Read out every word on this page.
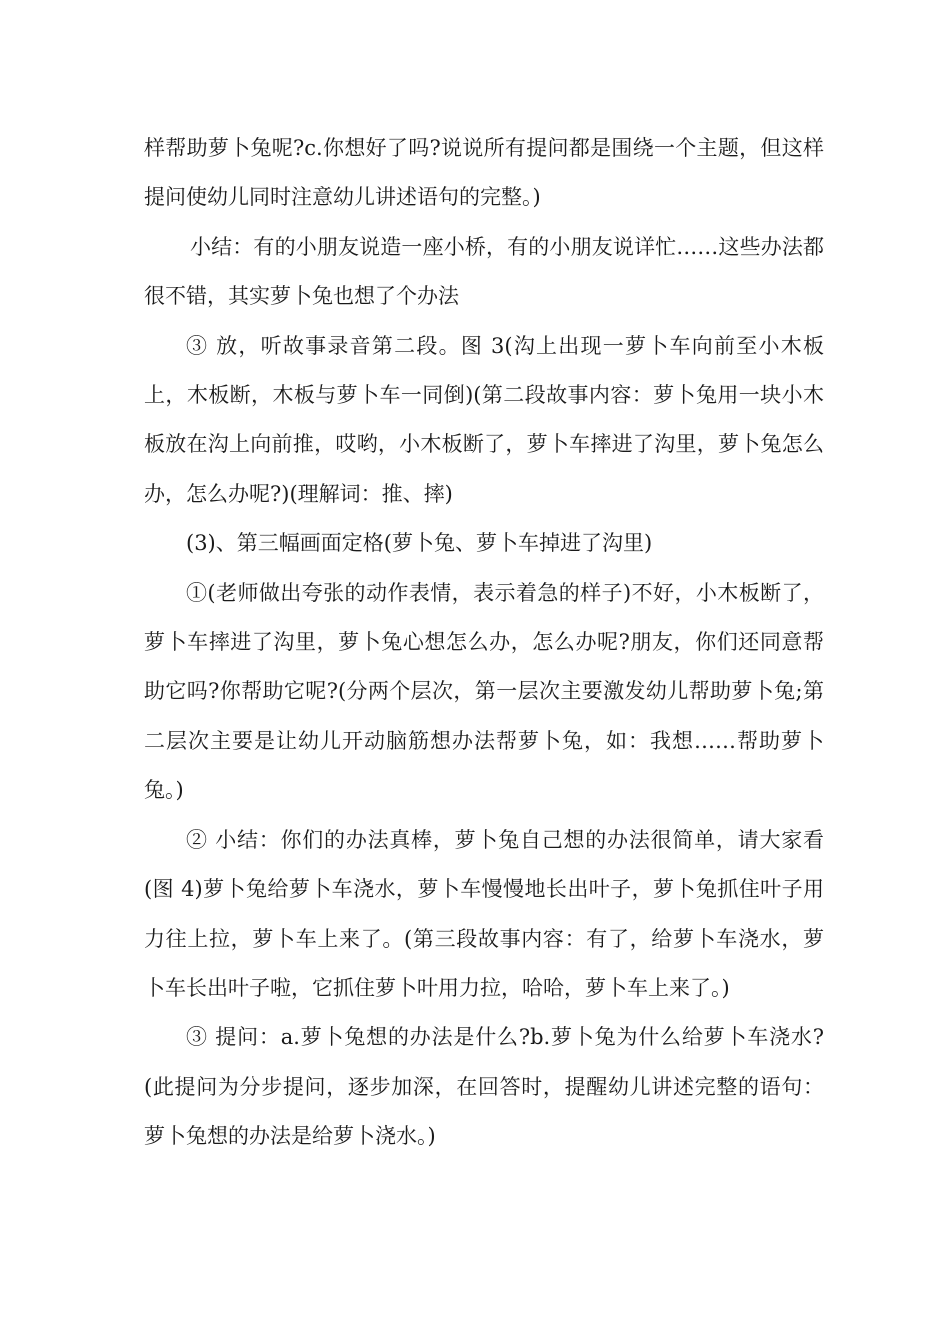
样帮助萝卜兔呢?c.你想好了吗?说说所有提问都是围绕一个主题，但这样提问使幼儿同时注意幼儿讲述语句的完整。)

小结：有的小朋友说造一座小桥，有的小朋友说详忙……这些办法都很不错，其实萝卜兔也想了个办法

③ 放，听故事录音第二段。图 3(沟上出现一萝卜车向前至小木板上，木板断，木板与萝卜车一同倒)(第二段故事内容：萝卜兔用一块小木板放在沟上向前推，哎哟，小木板断了，萝卜车摔进了沟里，萝卜兔怎么办，怎么办呢?)(理解词：推、摔)

(3)、第三幅画面定格(萝卜兔、萝卜车掉进了沟里)

①(老师做出夸张的动作表情，表示着急的样子)不好，小木板断了，萝卜车摔进了沟里，萝卜兔心想怎么办，怎么办呢?朋友，你们还同意帮助它吗?你帮助它呢?(分两个层次，第一层次主要激发幼儿帮助萝卜兔;第二层次主要是让幼儿开动脑筋想办法帮萝卜兔，如：我想……帮助萝卜兔。)

② 小结：你们的办法真棒，萝卜兔自己想的办法很简单，请大家看(图 4)萝卜兔给萝卜车浇水，萝卜车慢慢地长出叶子，萝卜兔抓住叶子用力往上拉，萝卜车上来了。(第三段故事内容：有了，给萝卜车浇水，萝卜车长出叶子啦，它抓住萝卜叶用力拉，哈哈，萝卜车上来了。)

③ 提问：a.萝卜兔想的办法是什么?b.萝卜兔为什么给萝卜车浇水?(此提问为分步提问，逐步加深，在回答时，提醒幼儿讲述完整的语句：萝卜兔想的办法是给萝卜浇水。)
